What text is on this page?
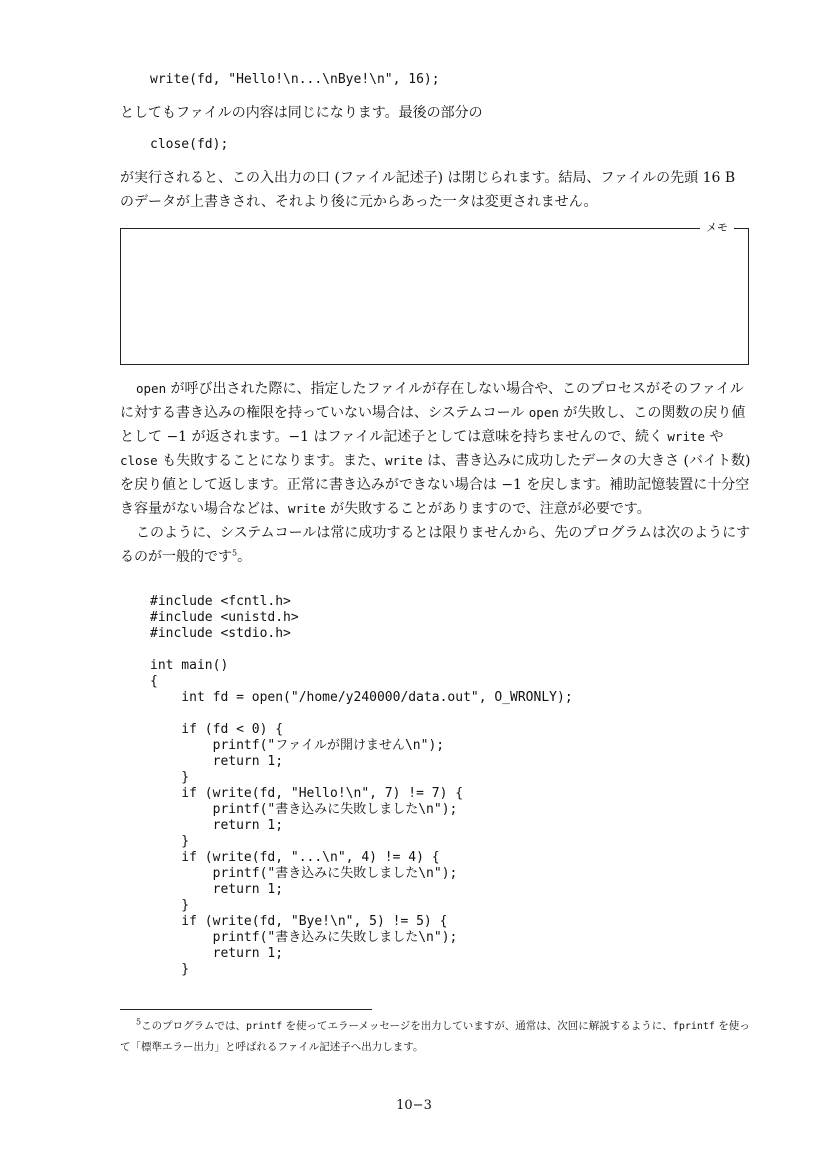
write(fd, "Hello!\n...\nBye!\n", 16);

としてもファイルの内容は同じになります。最後の部分の

close(fd);

が実行されると、この入出力の口 (ファイル記述子) は閉じられます。結局、ファイルの先頭 16 B のデータが上書きされ、それより後に元からあった一タは変更されません。

メモ

open が呼び出された際に、指定したファイルが存在しない場合や、このプロセスがそのファイルに対する書き込みの権限を持っていない場合は、システムコール open が失敗し、この関数の戻り値として −1 が返されます。−1 はファイル記述子としては意味を持ちませんので、続く write や close も失敗することになります。また、write は、書き込みに成功したデータの大きさ (バイト数) を戻り値として返します。正常に書き込みができない場合は −1 を戻します。補助記憶装置に十分空き容量がない場合などは、write が失敗することがありますので、注意が必要です。

このように、システムコールは常に成功するとは限りませんから、先のプログラムは次のようにするのが一般的です$^5$。

#include <fcntl.h>
#include <unistd.h>
#include <stdio.h>

int main()
{
int fd = open("/home/y240000/data.out", O_WRONLY);

if (fd < 0) {
printf("ファイルが開けません\n");
return 1;
}
if (write(fd, "Hello!\n", 7) != 7) {
printf("書き込みに失敗しました\n");
return 1;
}
if (write(fd, "...\n", 4) != 4) {
printf("書き込みに失敗しました\n");
return 1;
}
if (write(fd, "Bye!\n", 5) != 5) {
printf("書き込みに失敗しました\n");
return 1;
}

$^5$このプログラムでは、printf を使ってエラーメッセージを出力していますが、通常は、次回に解説するように、fprintf を使って「標準エラー出力」と呼ばれるファイル記述子へ出力します。

10−3
